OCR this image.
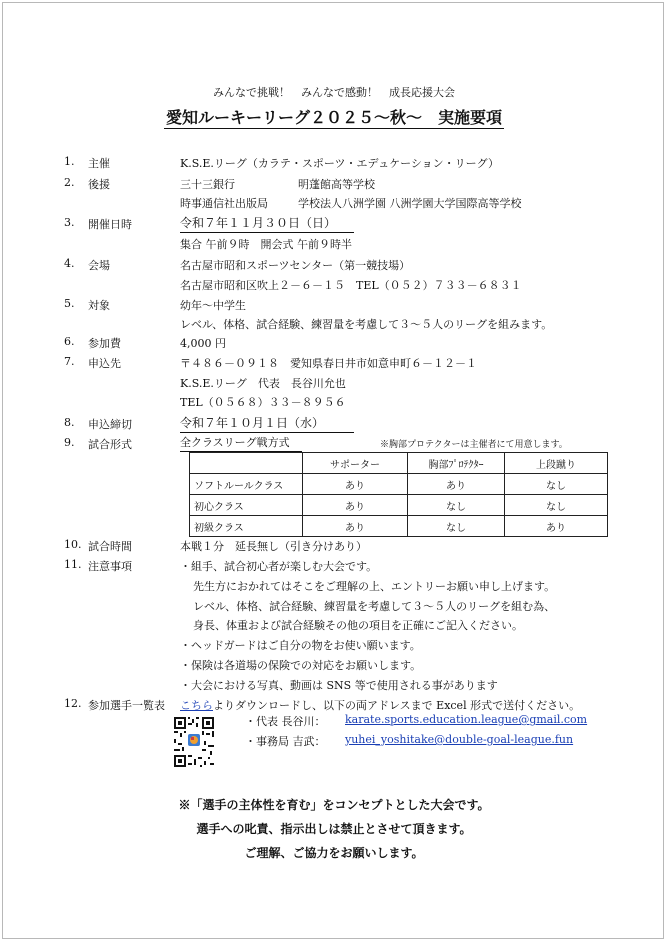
みんなで挑戦！　みんなで感動！　成長応援大会
愛知ルーキーリーグ２０２５〜秋〜　実施要項
1. 主催	K.S.E.リーグ（カラテ・スポーツ・エデュケーション・リーグ）
2. 後援	三十三銀行	明蓬館高等学校
時事通信社出版局	学校法人八洲学園 八洲学園大学国際高等学校
3. 開催日時	令和７年１１月３０日（日）
集合 午前９時　開会式 午前９時半
4. 会場	名古屋市昭和スポーツセンター（第一競技場）
名古屋市昭和区吹上２－６－１５　TEL（０５２）７３３－６８３１
5. 対象	幼年〜中学生
レベル、体格、試合経験、練習量を考慮して３〜５人のリーグを組みます。
6. 参加費	4,000 円
7. 申込先	〒４８６－０９１８　愛知県春日井市如意申町６－１２－１
K.S.E.リーグ　代表　長谷川允也
TEL（０５６８）３３－８９５６
8. 申込締切	令和７年１０月１日（水）
9. 試合形式	全クラスリーグ戦方式	※胸部プロテクターは主催者にて用意します。
	サポーター	胸部ﾌﾟﾛﾃｸﾀｰ	上段蹴り
ソフトルールクラス	あり	あり	なし
初心クラス	あり	なし	なし
初級クラス	あり	なし	あり
10. 試合時間	本戦１分　延長無し（引き分けあり）
11. 注意事項	・組手、試合初心者が楽しむ大会です。
先生方におかれてはそこをご理解の上、エントリーお願い申し上げます。
レベル、体格、試合経験、練習量を考慮して３〜５人のリーグを組む為、
身長、体重および試合経験その他の項目を正確にご記入ください。
・ヘッドガードはご自分の物をお使い願います。
・保険は各道場の保険での対応をお願いします。
・大会における写真、動画は SNS 等で使用される事があります
12. 参加選手一覧表 こちらよりダウンロードし、以下の両アドレスまで Excel 形式で送付ください。
・代表 長谷川： karate.sports.education.league@gmail.com
・事務局 吉武： yuhei_yoshitake@double-goal-league.fun
※「選手の主体性を育む」をコンセプトとした大会です。
選手への叱責、指示出しは禁止とさせて頂きます。
ご理解、ご協力をお願いします。
